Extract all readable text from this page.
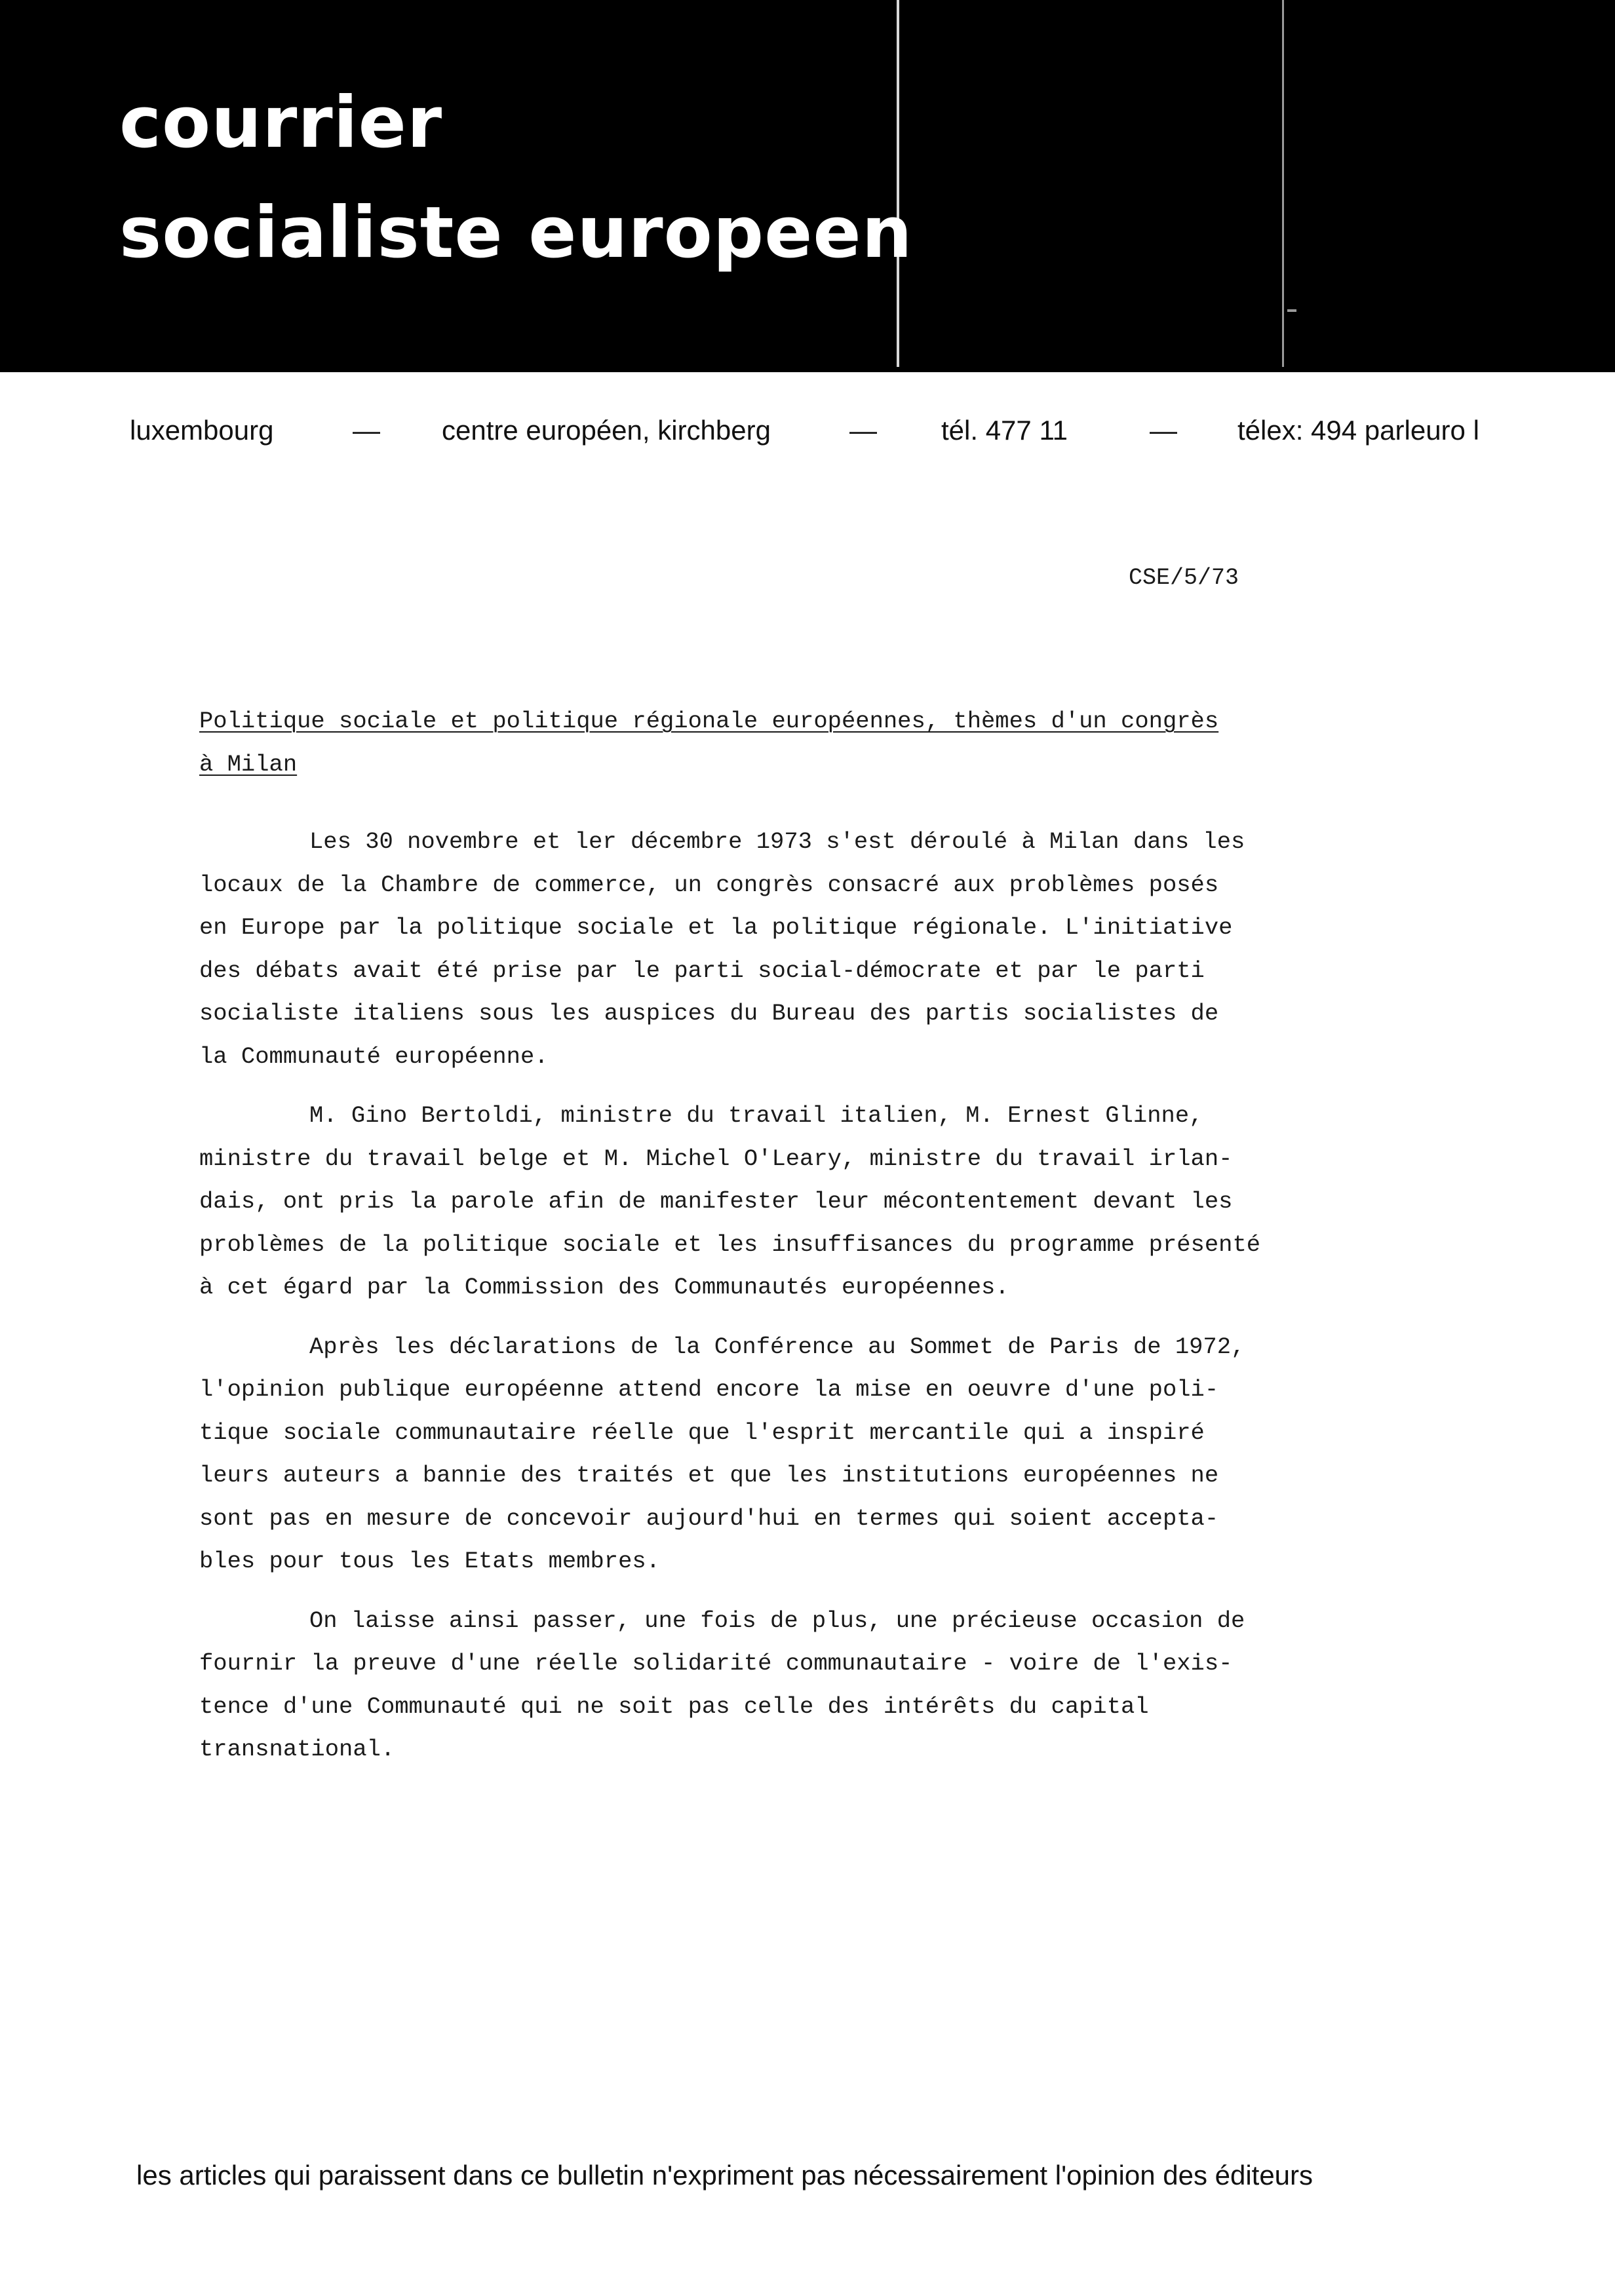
courrier
socialiste europeen
luxembourg	— centre européen, kirchberg	— tél. 477 11	— télex: 494 parleuro l
CSE/5/73
Politique sociale et politique régionale européennes, thèmes d'un congrès
à Milan

Les 30 novembre et ler décembre 1973 s'est déroulé à Milan dans les
locaux de la Chambre de commerce, un congrès consacré aux problèmes posés
en Europe par la politique sociale et la politique régionale. L'initiative
des débats avait été prise par le parti social-démocrate et par le parti
socialiste italiens sous les auspices du Bureau des partis socialistes de
la Communauté européenne.

M. Gino Bertoldi, ministre du travail italien, M. Ernest Glinne,
ministre du travail belge et M. Michel O'Leary, ministre du travail irlan-
dais, ont pris la parole afin de manifester leur mécontentement devant les
problèmes de la politique sociale et les insuffisances du programme présenté
à cet égard par la Commission des Communautés européennes.

Après les déclarations de la Conférence au Sommet de Paris de 1972,
l'opinion publique européenne attend encore la mise en oeuvre d'une poli-
tique sociale communautaire réelle que l'esprit mercantile qui a inspiré
leurs auteurs a bannie des traités et que les institutions européennes ne
sont pas en mesure de concevoir aujourd'hui en termes qui soient accepta-
bles pour tous les Etats membres.

On laisse ainsi passer, une fois de plus, une précieuse occasion de
fournir la preuve d'une réelle solidarité communautaire - voire de l'exis-
tence d'une Communauté qui ne soit pas celle des intérêts du capital
transnational.

les articles qui paraissent dans ce bulletin n'expriment pas nécessairement l'opinion des éditeurs
